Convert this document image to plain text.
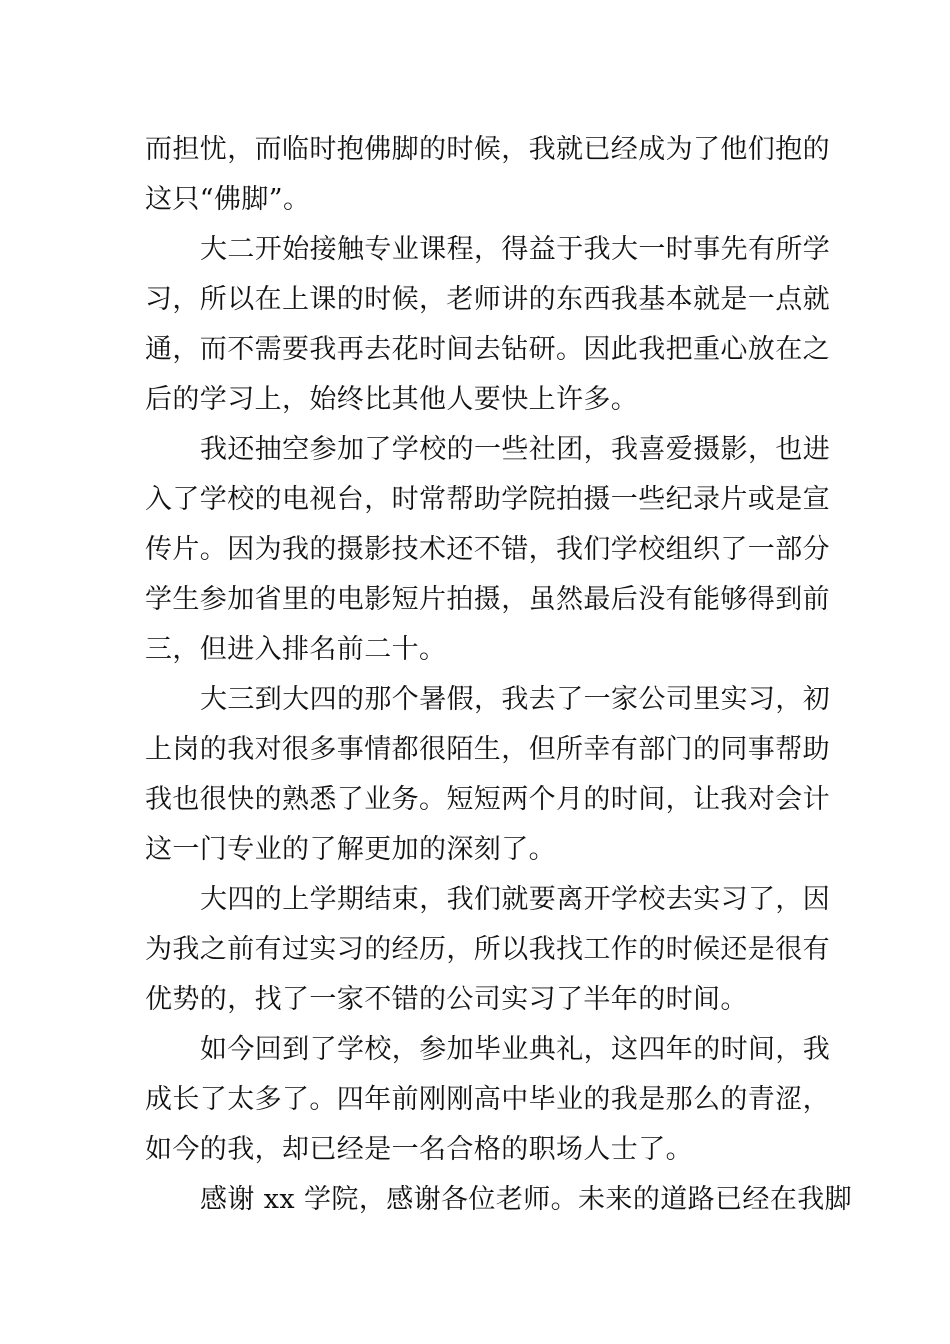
而担忧，而临时抱佛脚的时候，我就已经成为了他们抱的
这只“佛脚”。
大二开始接触专业课程，得益于我大一时事先有所学
习，所以在上课的时候，老师讲的东西我基本就是一点就
通，而不需要我再去花时间去钻研。因此我把重心放在之
后的学习上，始终比其他人要快上许多。
我还抽空参加了学校的一些社团，我喜爱摄影，也进
入了学校的电视台，时常帮助学院拍摄一些纪录片或是宣
传片。因为我的摄影技术还不错，我们学校组织了一部分
学生参加省里的电影短片拍摄，虽然最后没有能够得到前
三，但进入排名前二十。
大三到大四的那个暑假，我去了一家公司里实习，初
上岗的我对很多事情都很陌生，但所幸有部门的同事帮助
我也很快的熟悉了业务。短短两个月的时间，让我对会计
这一门专业的了解更加的深刻了。
大四的上学期结束，我们就要离开学校去实习了，因
为我之前有过实习的经历，所以我找工作的时候还是很有
优势的，找了一家不错的公司实习了半年的时间。
如今回到了学校，参加毕业典礼，这四年的时间，我
成长了太多了。四年前刚刚高中毕业的我是那么的青涩，
如今的我，却已经是一名合格的职场人士了。
感谢 xx 学院，感谢各位老师。未来的道路已经在我脚
